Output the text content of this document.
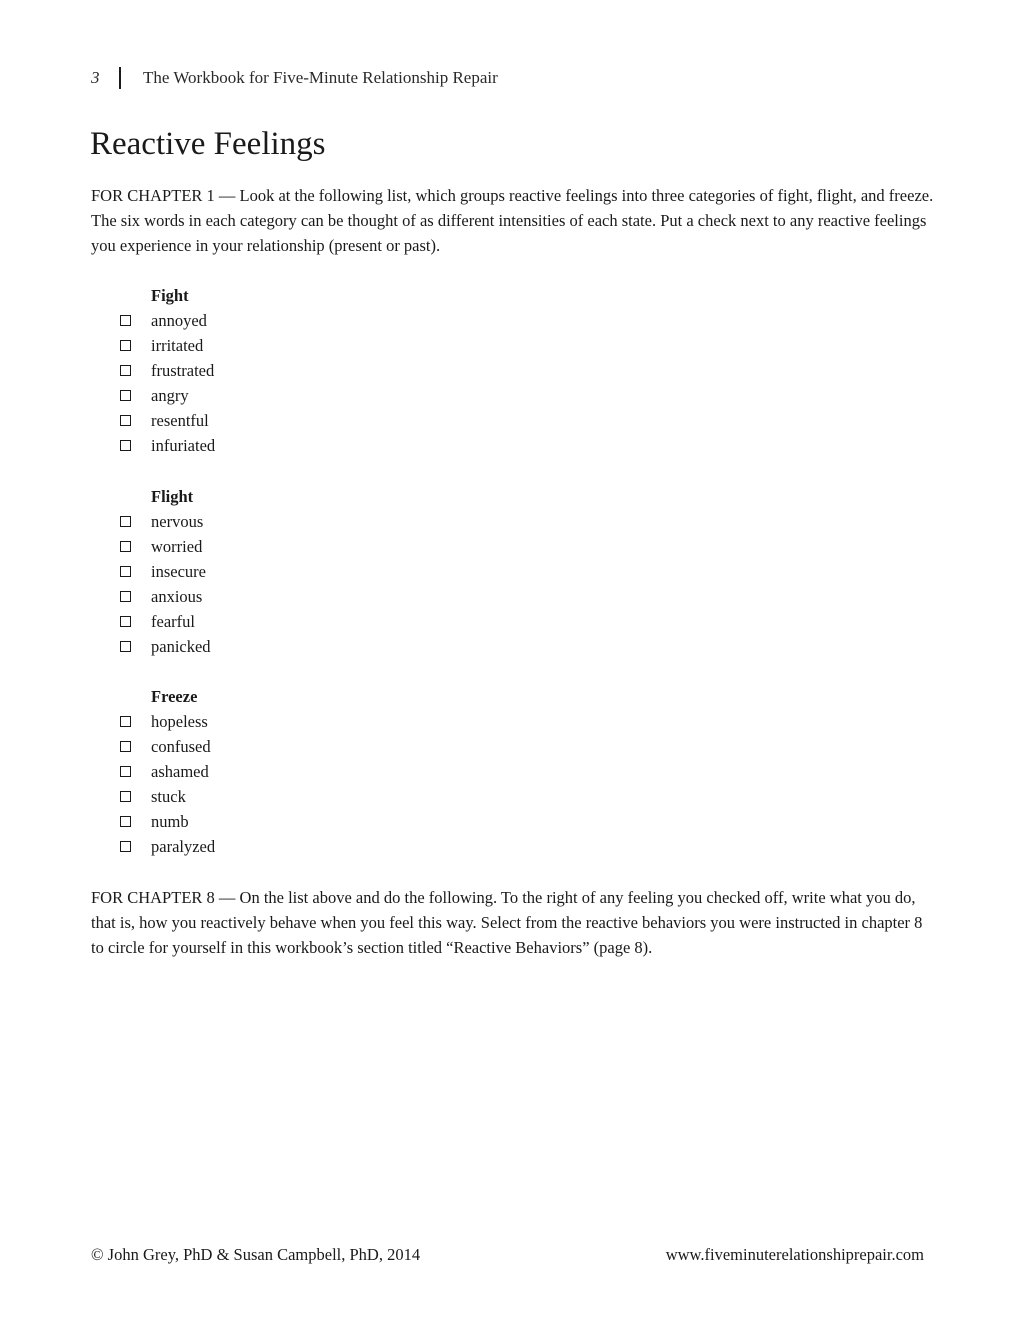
3	The Workbook for Five-Minute Relationship Repair
Reactive Feelings

FOR CHAPTER 1 — Look at the following list, which groups reactive feelings into three categories of fight, flight, and freeze. The six words in each category can be thought of as different intensities of each state. Put a check next to any reactive feelings you experience in your relationship (present or past).

Fight
annoyed
irritated
frustrated
angry
resentful
infuriated
Flight
nervous
worried
insecure
anxious
fearful
panicked
Freeze
hopeless
confused
ashamed
stuck
numb
paralyzed

FOR CHAPTER 8 — On the list above and do the following. To the right of any feeling you checked off, write what you do, that is, how you reactively behave when you feel this way. Select from the reactive behaviors you were instructed in chapter 8 to circle for yourself in this workbook’s section titled “Reactive Behaviors” (page 8).

© John Grey, PhD & Susan Campbell, PhD, 2014	www.fiveminuterelationshiprepair.com
